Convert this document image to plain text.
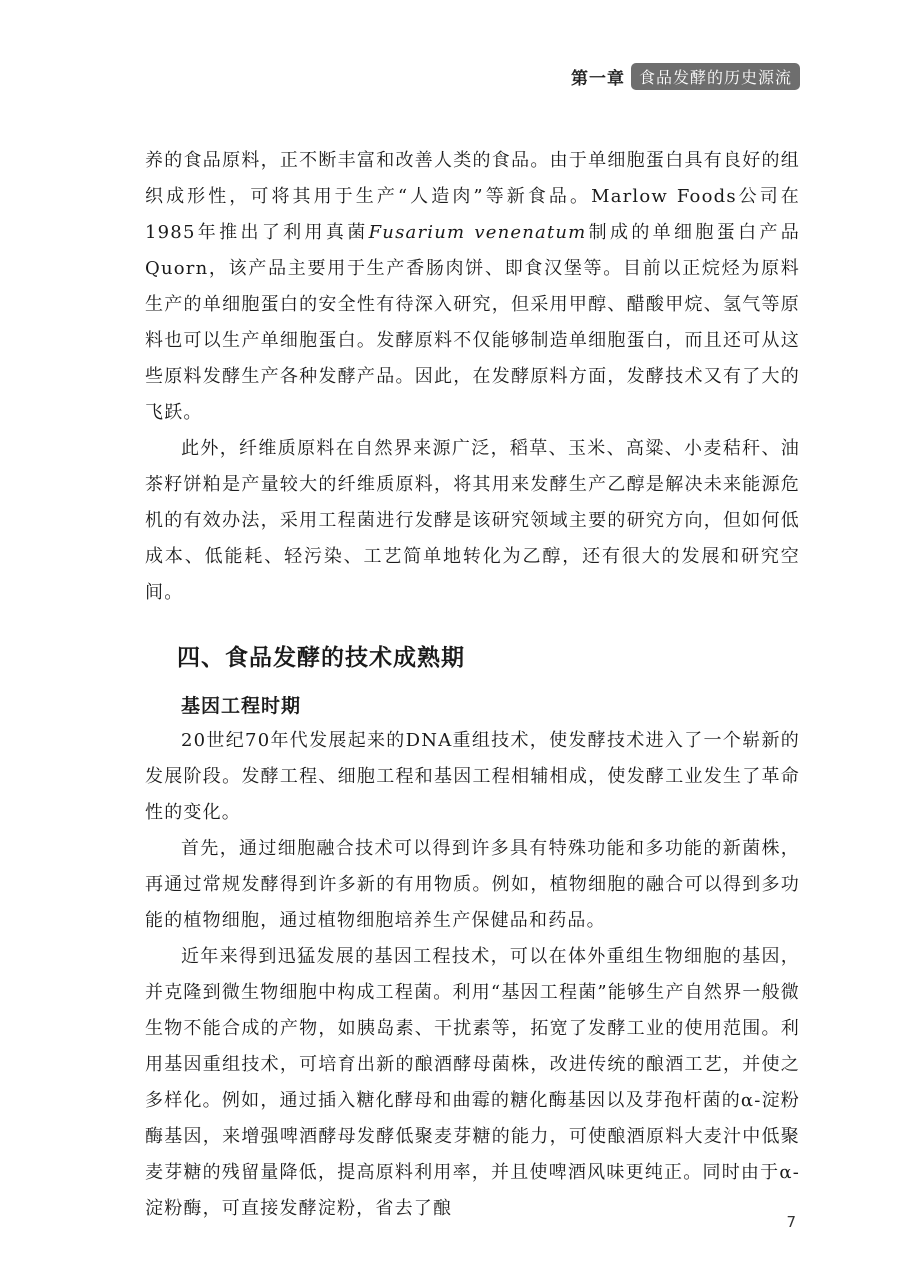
第一章 食品发酵的历史源流

养的食品原料，正不断丰富和改善人类的食品。由于单细胞蛋白具有良好的组织成形性，可将其用于生产“人造肉”等新食品。Marlow Foods公司在1985年推出了利用真菌Fusarium venenatum制成的单细胞蛋白产品Quorn，该产品主要用于生产香肠肉饼、即食汉堡等。目前以正烷烃为原料生产的单细胞蛋白的安全性有待深入研究，但采用甲醇、醋酸甲烷、氢气等原料也可以生产单细胞蛋白。发酵原料不仅能够制造单细胞蛋白，而且还可从这些原料发酵生产各种发酵产品。因此，在发酵原料方面，发酵技术又有了大的飞跃。

此外，纤维质原料在自然界来源广泛，稻草、玉米、高粱、小麦秸秆、油茶籽饼粕是产量较大的纤维质原料，将其用来发酵生产乙醇是解决未来能源危机的有效办法，采用工程菌进行发酵是该研究领域主要的研究方向，但如何低成本、低能耗、轻污染、工艺简单地转化为乙醇，还有很大的发展和研究空间。

四、食品发酵的技术成熟期
基因工程时期

20世纪70年代发展起来的DNA重组技术，使发酵技术进入了一个崭新的发展阶段。发酵工程、细胞工程和基因工程相辅相成，使发酵工业发生了革命性的变化。

首先，通过细胞融合技术可以得到许多具有特殊功能和多功能的新菌株，再通过常规发酵得到许多新的有用物质。例如，植物细胞的融合可以得到多功能的植物细胞，通过植物细胞培养生产保健品和药品。

近年来得到迅猛发展的基因工程技术，可以在体外重组生物细胞的基因，并克隆到微生物细胞中构成工程菌。利用“基因工程菌”能够生产自然界一般微生物不能合成的产物，如胰岛素、干扰素等，拓宽了发酵工业的使用范围。利用基因重组技术，可培育出新的酿酒酵母菌株，改进传统的酿酒工艺，并使之多样化。例如，通过插入糖化酵母和曲霉的糖化酶基因以及芽孢杆菌的α-淀粉酶基因，来增强啤酒酵母发酵低聚麦芽糖的能力，可使酿酒原料大麦汁中低聚麦芽糖的残留量降低，提高原料利用率，并且使啤酒风味更纯正。同时由于α-淀粉酶，可直接发酵淀粉，省去了酿

7
